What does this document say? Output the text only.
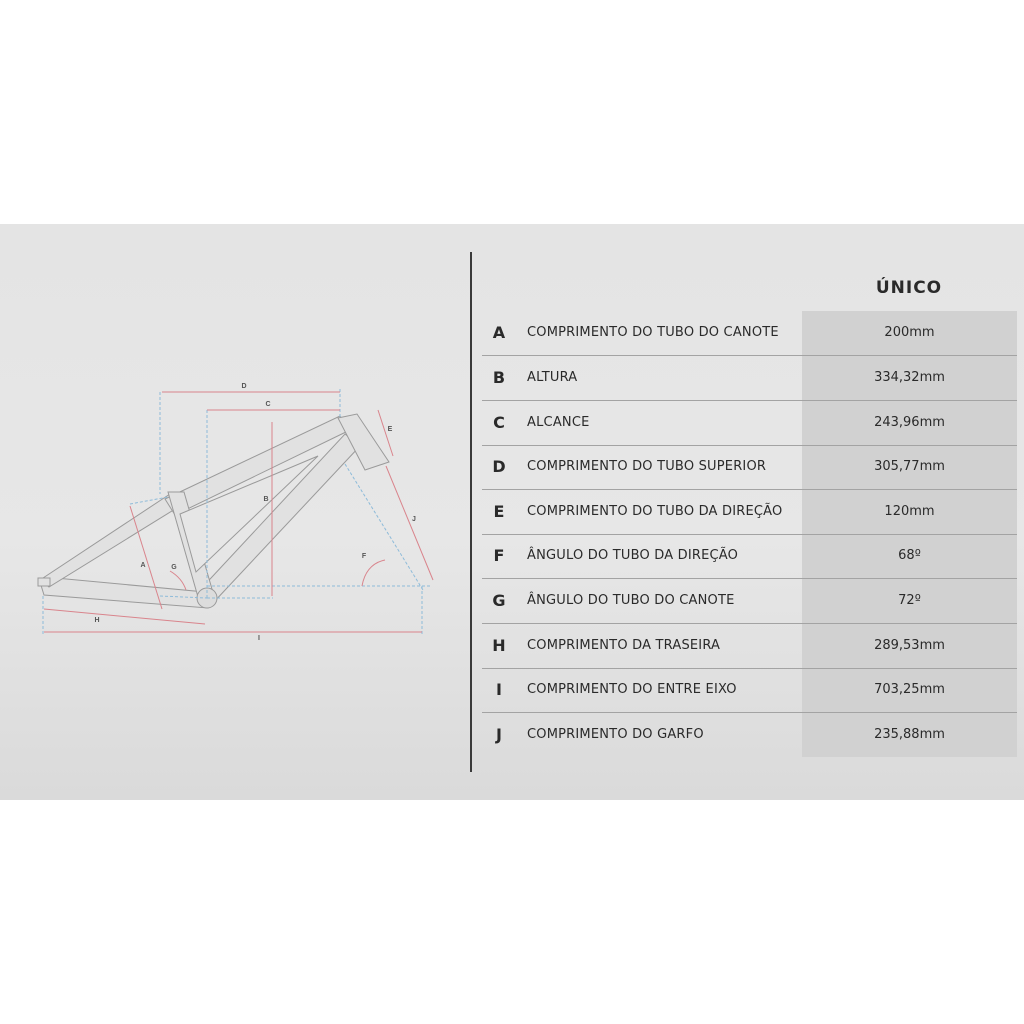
D
C
E
B
J
F
A	G
H
I
ÚNICO
A	COMPRIMENTO DO TUBO DO CANOTE	200mm
B	ALTURA	334,32mm
C	ALCANCE	243,96mm
D	COMPRIMENTO DO TUBO SUPERIOR	305,77mm
E	COMPRIMENTO DO TUBO DA DIREÇÃO	120mm
F	ÂNGULO DO TUBO DA DIREÇÃO	68º
G	ÂNGULO DO TUBO DO CANOTE	72º
H	COMPRIMENTO DA TRASEIRA	289,53mm
I	COMPRIMENTO DO ENTRE EIXO	703,25mm
J	COMPRIMENTO DO GARFO	235,88mm
